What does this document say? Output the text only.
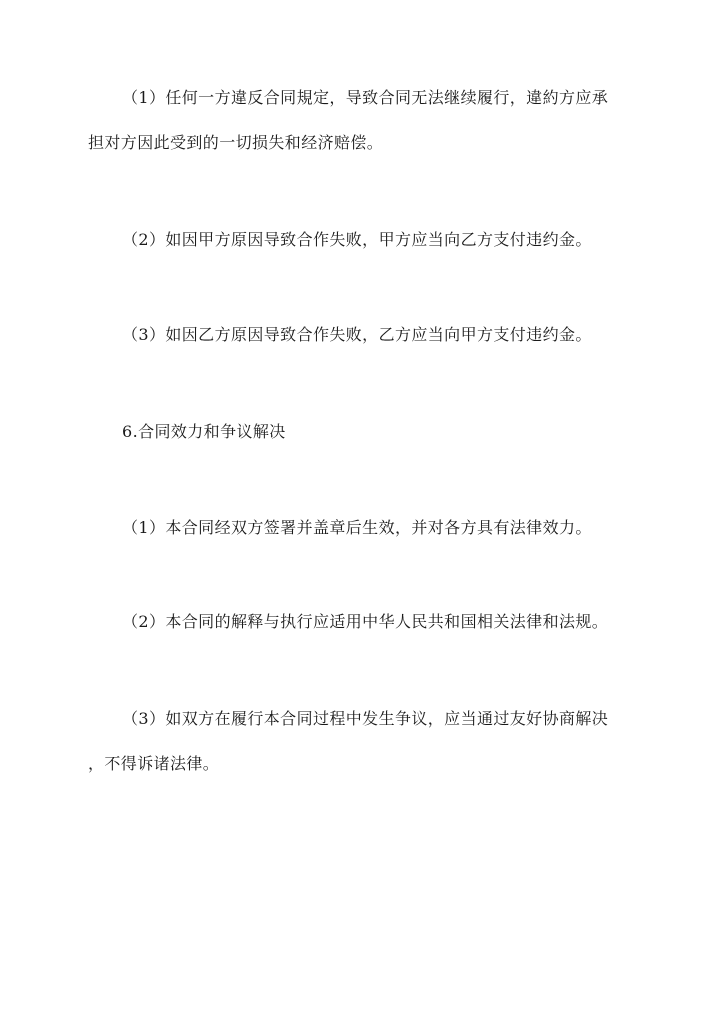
（1）任何一方違反合同規定，导致合同无法继续履行，違約方应承
担对方因此受到的一切损失和经济赔偿。
（2）如因甲方原因导致合作失败，甲方应当向乙方支付违约金。
（3）如因乙方原因导致合作失败，乙方应当向甲方支付违约金。
6.合同效力和争议解决
（1）本合同经双方签署并盖章后生效，并对各方具有法律效力。
（2）本合同的解释与执行应适用中华人民共和国相关法律和法规。
（3）如双方在履行本合同过程中发生争议，应当通过友好协商解决
，不得诉诸法律。
